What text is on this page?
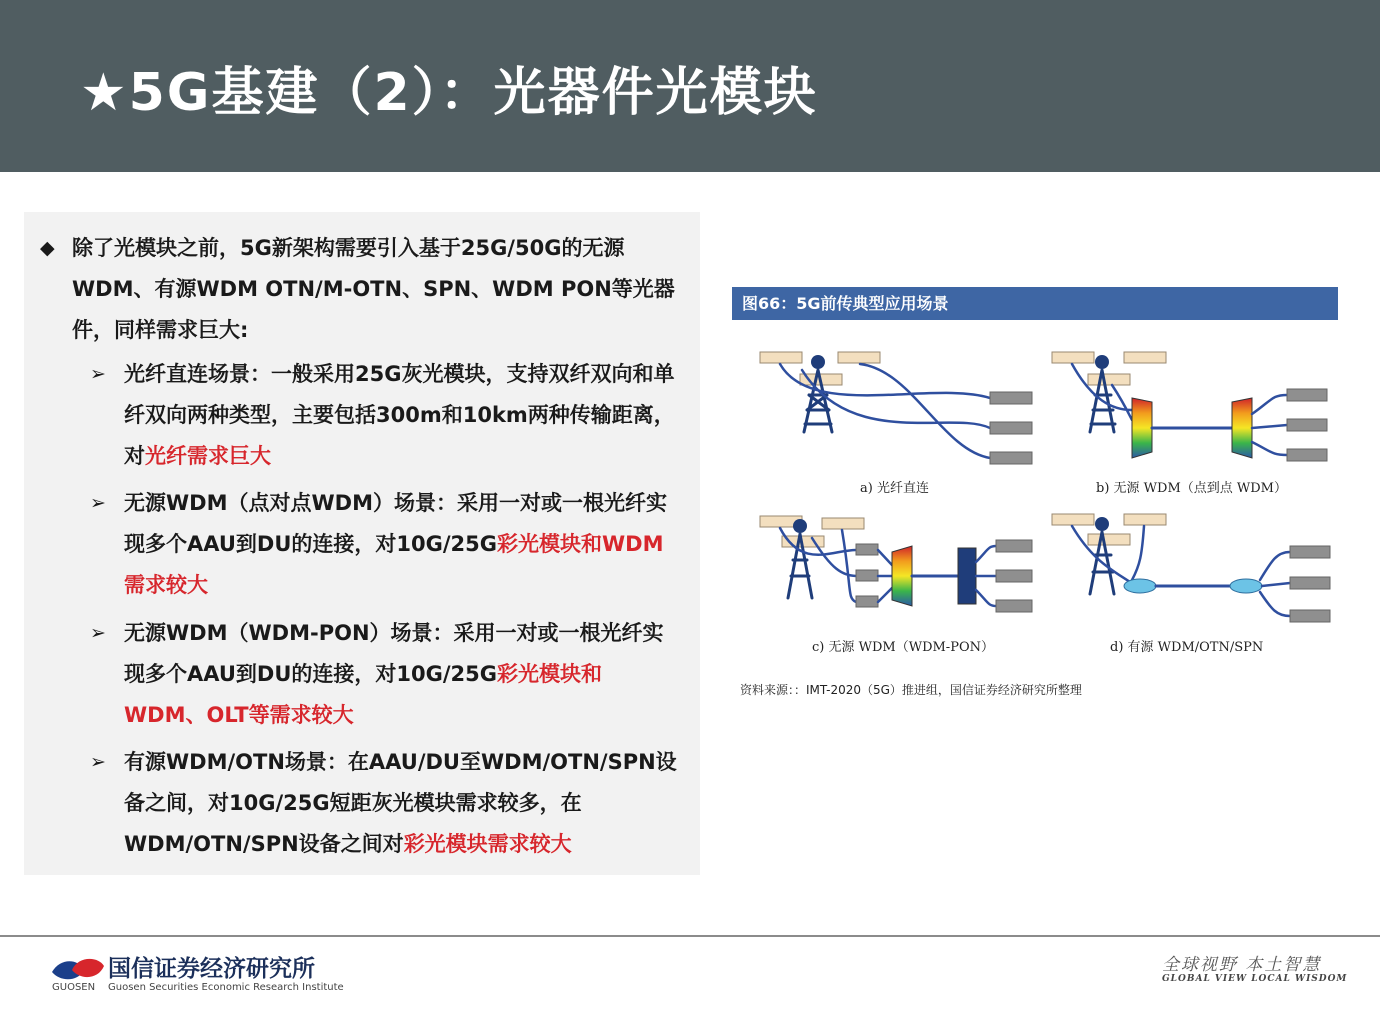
★5G基建（2）：光器件光模块
◆ 除了光模块之前，5G新架构需要引入基于25G/50G的无源WDM、有源WDM OTN/M-OTN、SPN、WDM PON等光器件，同样需求巨大:
➢ 光纤直连场景：一般采用25G灰光模块，支持双纤双向和单纤双向两种类型，主要包括300m和10km两种传输距离，对光纤需求巨大
➢ 无源WDM（点对点WDM）场景：采用一对或一根光纤实现多个AAU到DU的连接，对10G/25G彩光模块和WDM需求较大
➢ 无源WDM（WDM-PON）场景：采用一对或一根光纤实现多个AAU到DU的连接，对10G/25G彩光模块和WDM、OLT等需求较大
➢ 有源WDM/OTN场景：在AAU/DU至WDM/OTN/SPN设备之间，对10G/25G短距灰光模块需求较多，在WDM/OTN/SPN设备之间对彩光模块需求较大
图66：5G前传典型应用场景
a) 光纤直连	b) 无源 WDM（点到点 WDM）
c) 无源 WDM（WDM-PON）	d) 有源 WDM/OTN/SPN
资料来源：：IMT-2020（5G）推进组，国信证券经济研究所整理
国信证券经济研究所
GUOSEN Guosen Securities Economic Research Institute
全球视野 本土智慧
GLOBAL VIEW LOCAL WISDOM
